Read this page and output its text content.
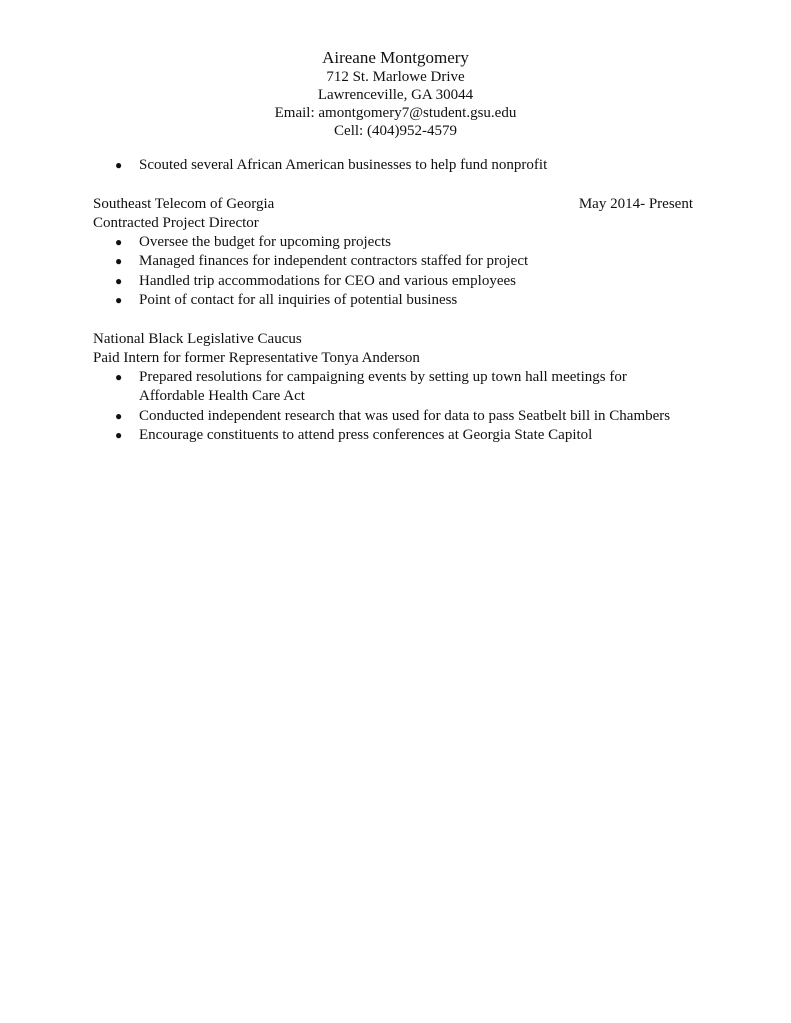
Aireane Montgomery
712 St. Marlowe Drive
Lawrenceville, GA 30044
Email: amontgomery7@student.gsu.edu
Cell: (404)952-4579
● Scouted several African American businesses to help fund nonprofit
Southeast Telecom of Georgia	May 2014- Present
Contracted Project Director
● Oversee the budget for upcoming projects
● Managed finances for independent contractors staffed for project
● Handled trip accommodations for CEO and various employees
● Point of contact for all inquiries of potential business
National Black Legislative Caucus
Paid Intern for former Representative Tonya Anderson
● Prepared resolutions for campaigning events by setting up town hall meetings for Affordable Health Care Act
● Conducted independent research that was used for data to pass Seatbelt bill in Chambers
● Encourage constituents to attend press conferences at Georgia State Capitol
